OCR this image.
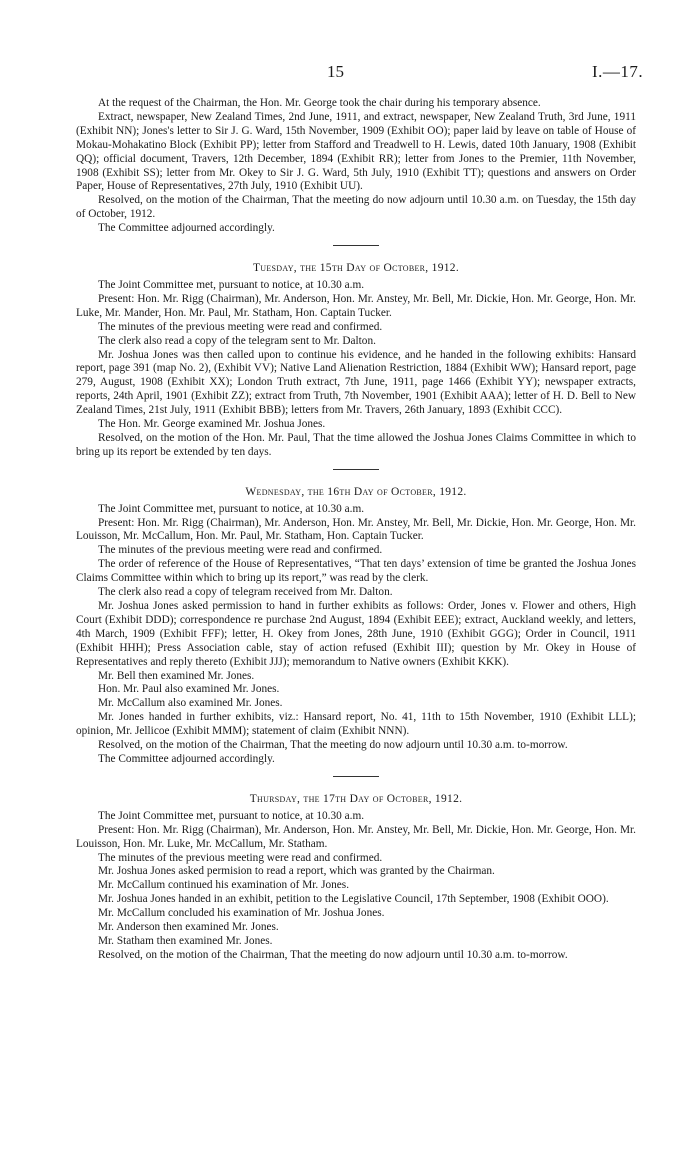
15	I.—17.

At the request of the Chairman, the Hon. Mr. George took the chair during his temporary absence.

Extract, newspaper, New Zealand Times, 2nd June, 1911, and extract, newspaper, New Zealand Truth, 3rd June, 1911 (Exhibit NN); Jones's letter to Sir J. G. Ward, 15th November, 1909 (Exhibit OO); paper laid by leave on table of House of Mokau-Mohakatino Block (Exhibit PP); letter from Stafford and Treadwell to H. Lewis, dated 10th January, 1908 (Exhibit QQ); official document, Travers, 12th December, 1894 (Exhibit RR); letter from Jones to the Premier, 11th November, 1908 (Exhibit SS); letter from Mr. Okey to Sir J. G. Ward, 5th July, 1910 (Exhibit TT); questions and answers on Order Paper, House of Representatives, 27th July, 1910 (Exhibit UU).

Resolved, on the motion of the Chairman, That the meeting do now adjourn until 10.30 a.m. on Tuesday, the 15th day of October, 1912.

The Committee adjourned accordingly.

Tuesday, the 15th Day of October, 1912.

The Joint Committee met, pursuant to notice, at 10.30 a.m.

Present: Hon. Mr. Rigg (Chairman), Mr. Anderson, Hon. Mr. Anstey, Mr. Bell, Mr. Dickie, Hon. Mr. George, Hon. Mr. Luke, Mr. Mander, Hon. Mr. Paul, Mr. Statham, Hon. Captain Tucker.

The minutes of the previous meeting were read and confirmed.

The clerk also read a copy of the telegram sent to Mr. Dalton.

Mr. Joshua Jones was then called upon to continue his evidence, and he handed in the following exhibits: Hansard report, page 391 (map No. 2), (Exhibit VV); Native Land Alienation Restriction, 1884 (Exhibit WW); Hansard report, page 279, August, 1908 (Exhibit XX); London Truth extract, 7th June, 1911, page 1466 (Exhibit YY); newspaper extracts, reports, 24th April, 1901 (Exhibit ZZ); extract from Truth, 7th November, 1901 (Exhibit AAA); letter of H. D. Bell to New Zealand Times, 21st July, 1911 (Exhibit BBB); letters from Mr. Travers, 26th January, 1893 (Exhibit CCC).

The Hon. Mr. George examined Mr. Joshua Jones.

Resolved, on the motion of the Hon. Mr. Paul, That the time allowed the Joshua Jones Claims Committee in which to bring up its report be extended by ten days.

Wednesday, the 16th Day of October, 1912.

The Joint Committee met, pursuant to notice, at 10.30 a.m.

Present: Hon. Mr. Rigg (Chairman), Mr. Anderson, Hon. Mr. Anstey, Mr. Bell, Mr. Dickie, Hon. Mr. George, Hon. Mr. Louisson, Mr. McCallum, Hon. Mr. Paul, Mr. Statham, Hon. Captain Tucker.

The minutes of the previous meeting were read and confirmed.

The order of reference of the House of Representatives, “That ten days’ extension of time be granted the Joshua Jones Claims Committee within which to bring up its report,” was read by the clerk.

The clerk also read a copy of telegram received from Mr. Dalton.

Mr. Joshua Jones asked permission to hand in further exhibits as follows: Order, Jones v. Flower and others, High Court (Exhibit DDD); correspondence re purchase 2nd August, 1894 (Exhibit EEE); extract, Auckland weekly, and letters, 4th March, 1909 (Exhibit FFF); letter, H. Okey from Jones, 28th June, 1910 (Exhibit GGG); Order in Council, 1911 (Exhibit HHH); Press Association cable, stay of action refused (Exhibit III); question by Mr. Okey in House of Representatives and reply thereto (Exhibit JJJ); memorandum to Native owners (Exhibit KKK).

Mr. Bell then examined Mr. Jones.

Hon. Mr. Paul also examined Mr. Jones.

Mr. McCallum also examined Mr. Jones.

Mr. Jones handed in further exhibits, viz.: Hansard report, No. 41, 11th to 15th November, 1910 (Exhibit LLL); opinion, Mr. Jellicoe (Exhibit MMM); statement of claim (Exhibit NNN).

Resolved, on the motion of the Chairman, That the meeting do now adjourn until 10.30 a.m. to-morrow.

The Committee adjourned accordingly.

Thursday, the 17th Day of October, 1912.

The Joint Committee met, pursuant to notice, at 10.30 a.m.

Present: Hon. Mr. Rigg (Chairman), Mr. Anderson, Hon. Mr. Anstey, Mr. Bell, Mr. Dickie, Hon. Mr. George, Hon. Mr. Louisson, Hon. Mr. Luke, Mr. McCallum, Mr. Statham.

The minutes of the previous meeting were read and confirmed.

Mr. Joshua Jones asked permision to read a report, which was granted by the Chairman.

Mr. McCallum continued his examination of Mr. Jones.

Mr. Joshua Jones handed in an exhibit, petition to the Legislative Council, 17th September, 1908 (Exhibit OOO).

Mr. McCallum concluded his examination of Mr. Joshua Jones.

Mr. Anderson then examined Mr. Jones.

Mr. Statham then examined Mr. Jones.

Resolved, on the motion of the Chairman, That the meeting do now adjourn until 10.30 a.m. to-morrow.
